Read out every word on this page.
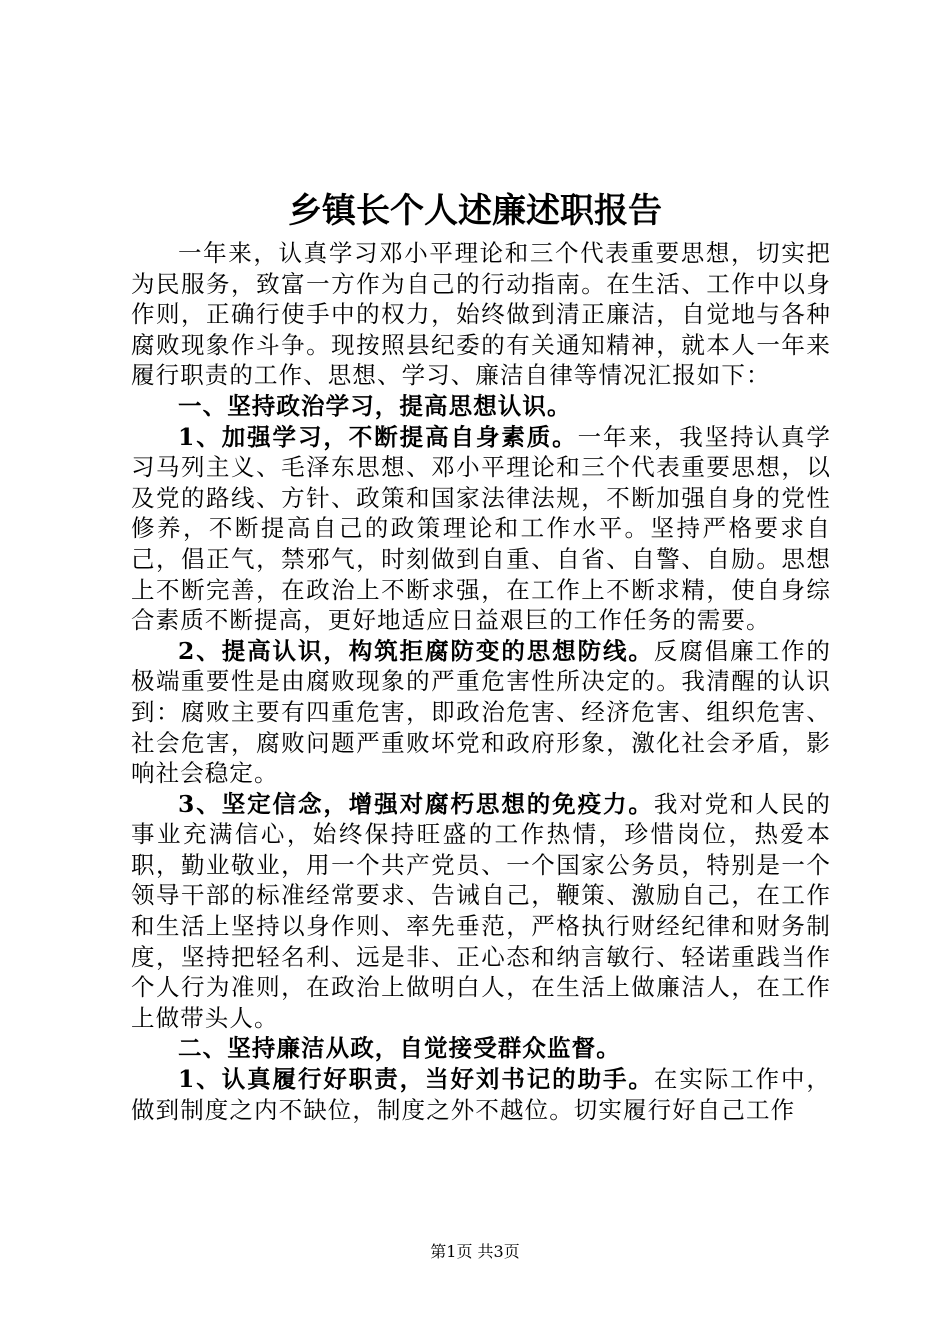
乡镇长个人述廉述职报告

一年来，认真学习邓小平理论和三个代表重要思想，切实把为民服务，致富一方作为自己的行动指南。在生活、工作中以身作则，正确行使手中的权力，始终做到清正廉洁，自觉地与各种腐败现象作斗争。现按照县纪委的有关通知精神，就本人一年来履行职责的工作、思想、学习、廉洁自律等情况汇报如下：

一、坚持政治学习，提高思想认识。

1、加强学习，不断提高自身素质。一年来，我坚持认真学习马列主义、毛泽东思想、邓小平理论和三个代表重要思想，以及党的路线、方针、政策和国家法律法规，不断加强自身的党性修养，不断提高自己的政策理论和工作水平。坚持严格要求自己，倡正气，禁邪气，时刻做到自重、自省、自警、自励。思想上不断完善，在政治上不断求强，在工作上不断求精，使自身综合素质不断提高，更好地适应日益艰巨的工作任务的需要。

2、提高认识，构筑拒腐防变的思想防线。反腐倡廉工作的极端重要性是由腐败现象的严重危害性所决定的。我清醒的认识到：腐败主要有四重危害，即政治危害、经济危害、组织危害、社会危害，腐败问题严重败坏党和政府形象，激化社会矛盾，影响社会稳定。

3、坚定信念，增强对腐朽思想的免疫力。我对党和人民的事业充满信心，始终保持旺盛的工作热情，珍惜岗位，热爱本职，勤业敬业，用一个共产党员、一个国家公务员，特别是一个领导干部的标准经常要求、告诫自己，鞭策、激励自己，在工作和生活上坚持以身作则、率先垂范，严格执行财经纪律和财务制度，坚持把轻名利、远是非、正心态和纳言敏行、轻诺重践当作个人行为准则，在政治上做明白人，在生活上做廉洁人，在工作上做带头人。

二、坚持廉洁从政，自觉接受群众监督。

1、认真履行好职责，当好刘书记的助手。在实际工作中，做到制度之内不缺位，制度之外不越位。切实履行好自己工作

第1页 共3页
